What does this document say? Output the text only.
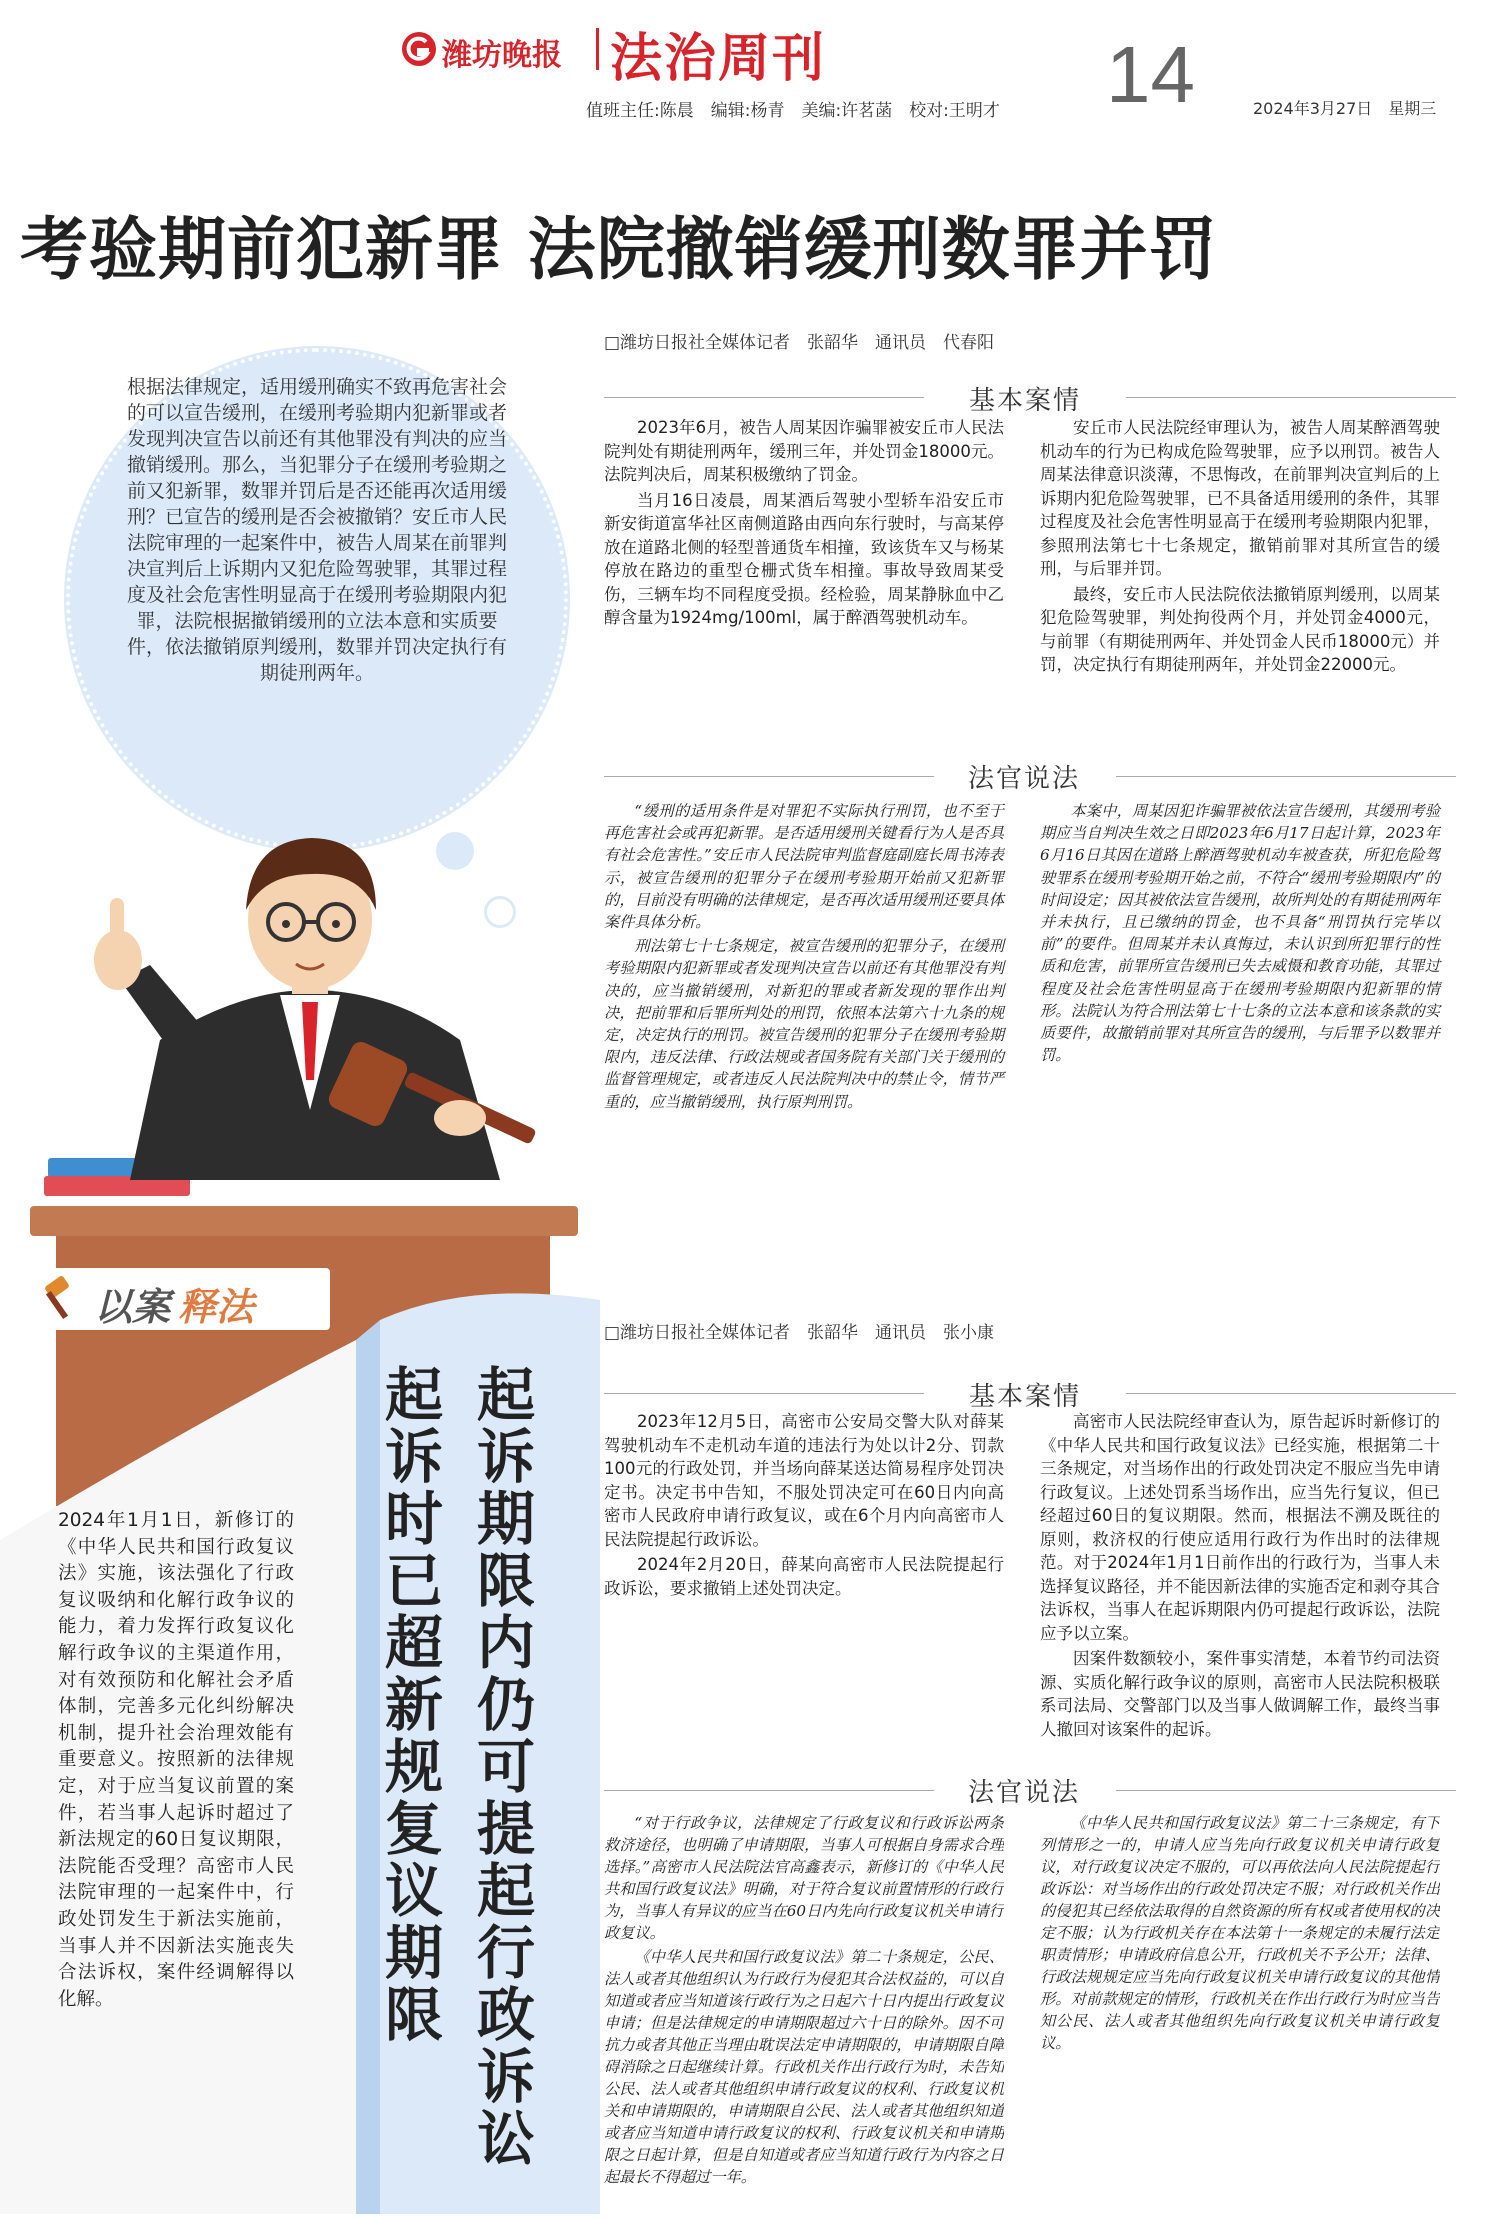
潍坊晚报 法治周刊
值班主任:陈晨　编辑:杨青　美编:许茗菡　校对:王明才 14	2024年3月27日　星期三
考验期前犯新罪 法院撤销缓刑数罪并罚
根据法律规定，适用缓刑确实不致再危害社会的可以宣告缓刑，在缓刑考验期内犯新罪或者发现判决宣告以前还有其他罪没有判决的应当撤销缓刑。那么，当犯罪分子在缓刑考验期之前又犯新罪，数罪并罚后是否还能再次适用缓刑？已宣告的缓刑是否会被撤销？安丘市人民法院审理的一起案件中，被告人周某在前罪判决宣判后上诉期内又犯危险驾驶罪，其罪过程度及社会危害性明显高于在缓刑考验期限内犯罪，法院根据撤销缓刑的立法本意和实质要件，依法撤销原判缓刑，数罪并罚决定执行有期徒刑两年。
以案 释法
起诉期限内仍可提起行政诉讼
起诉时已超新规复议期限
2024年1月1日，新修订的《中华人民共和国行政复议法》实施，该法强化了行政复议吸纳和化解行政争议的能力，着力发挥行政复议化解行政争议的主渠道作用，对有效预防和化解社会矛盾体制，完善多元化纠纷解决机制，提升社会治理效能有重要意义。按照新的法律规定，对于应当复议前置的案件，若当事人起诉时超过了新法规定的60日复议期限，法院能否受理？高密市人民法院审理的一起案件中，行政处罚发生于新法实施前，当事人并不因新法实施丧失合法诉权，案件经调解得以化解。
□潍坊日报社全媒体记者　张韶华　通讯员　代春阳
基本案情

2023年6月，被告人周某因诈骗罪被安丘市人民法院判处有期徒刑两年，缓刑三年，并处罚金18000元。法院判决后，周某积极缴纳了罚金。

当月16日凌晨，周某酒后驾驶小型轿车沿安丘市新安街道富华社区南侧道路由西向东行驶时，与高某停放在道路北侧的轻型普通货车相撞，致该货车又与杨某停放在路边的重型仓栅式货车相撞。事故导致周某受伤，三辆车均不同程度受损。经检验，周某静脉血中乙醇含量为1924mg/100ml，属于醉酒驾驶机动车。

安丘市人民法院经审理认为，被告人周某醉酒驾驶机动车的行为已构成危险驾驶罪，应予以刑罚。被告人周某法律意识淡薄，不思悔改，在前罪判决宣判后的上诉期内犯危险驾驶罪，已不具备适用缓刑的条件，其罪过程度及社会危害性明显高于在缓刑考验期限内犯罪，参照刑法第七十七条规定，撤销前罪对其所宣告的缓刑，与后罪并罚。

最终，安丘市人民法院依法撤销原判缓刑，以周某犯危险驾驶罪，判处拘役两个月，并处罚金4000元，与前罪（有期徒刑两年、并处罚金人民币18000元）并罚，决定执行有期徒刑两年，并处罚金22000元。

法官说法

“缓刑的适用条件是对罪犯不实际执行刑罚，也不至于再危害社会或再犯新罪。是否适用缓刑关键看行为人是否具有社会危害性。”安丘市人民法院审判监督庭副庭长周书涛表示，被宣告缓刑的犯罪分子在缓刑考验期开始前又犯新罪的，目前没有明确的法律规定，是否再次适用缓刑还要具体案件具体分析。

刑法第七十七条规定，被宣告缓刑的犯罪分子，在缓刑考验期限内犯新罪或者发现判决宣告以前还有其他罪没有判决的，应当撤销缓刑，对新犯的罪或者新发现的罪作出判决，把前罪和后罪所判处的刑罚，依照本法第六十九条的规定，决定执行的刑罚。被宣告缓刑的犯罪分子在缓刑考验期限内，违反法律、行政法规或者国务院有关部门关于缓刑的监督管理规定，或者违反人民法院判决中的禁止令，情节严重的，应当撤销缓刑，执行原判刑罚。

本案中，周某因犯诈骗罪被依法宣告缓刑，其缓刑考验期应当自判决生效之日即2023年6月17日起计算，2023年6月16日其因在道路上醉酒驾驶机动车被查获，所犯危险驾驶罪系在缓刑考验期开始之前，不符合“缓刑考验期限内”的时间设定；因其被依法宣告缓刑，故所判处的有期徒刑两年并未执行，且已缴纳的罚金，也不具备“刑罚执行完毕以前”的要件。但周某并未认真悔过，未认识到所犯罪行的性质和危害，前罪所宣告缓刑已失去威慑和教育功能，其罪过程度及社会危害性明显高于在缓刑考验期限内犯新罪的情形。法院认为符合刑法第七十七条的立法本意和该条款的实质要件，故撤销前罪对其所宣告的缓刑，与后罪予以数罪并罚。

□潍坊日报社全媒体记者　张韶华　通讯员　张小康
基本案情

2023年12月5日，高密市公安局交警大队对薛某驾驶机动车不走机动车道的违法行为处以计2分、罚款100元的行政处罚，并当场向薛某送达简易程序处罚决定书。决定书中告知，不服处罚决定可在60日内向高密市人民政府申请行政复议，或在6个月内向高密市人民法院提起行政诉讼。

2024年2月20日，薛某向高密市人民法院提起行政诉讼，要求撤销上述处罚决定。

高密市人民法院经审查认为，原告起诉时新修订的《中华人民共和国行政复议法》已经实施，根据第二十三条规定，对当场作出的行政处罚决定不服应当先申请行政复议。上述处罚系当场作出，应当先行复议，但已经超过60日的复议期限。然而，根据法不溯及既往的原则，救济权的行使应适用行政行为作出时的法律规范。对于2024年1月1日前作出的行政行为，当事人未选择复议路径，并不能因新法律的实施否定和剥夺其合法诉权，当事人在起诉期限内仍可提起行政诉讼，法院应予以立案。

因案件数额较小，案件事实清楚，本着节约司法资源、实质化解行政争议的原则，高密市人民法院积极联系司法局、交警部门以及当事人做调解工作，最终当事人撤回对该案件的起诉。

法官说法

“对于行政争议，法律规定了行政复议和行政诉讼两条救济途径，也明确了申请期限，当事人可根据自身需求合理选择。”高密市人民法院法官高鑫表示，新修订的《中华人民共和国行政复议法》明确，对于符合复议前置情形的行政行为，当事人有异议的应当在60日内先向行政复议机关申请行政复议。

《中华人民共和国行政复议法》第二十条规定，公民、法人或者其他组织认为行政行为侵犯其合法权益的，可以自知道或者应当知道该行政行为之日起六十日内提出行政复议申请；但是法律规定的申请期限超过六十日的除外。因不可抗力或者其他正当理由耽误法定申请期限的，申请期限自障碍消除之日起继续计算。行政机关作出行政行为时，未告知公民、法人或者其他组织申请行政复议的权利、行政复议机关和申请期限的，申请期限自公民、法人或者其他组织知道或者应当知道申请行政复议的权利、行政复议机关和申请期限之日起计算，但是自知道或者应当知道行政行为内容之日起最长不得超过一年。

《中华人民共和国行政复议法》第二十三条规定，有下列情形之一的，申请人应当先向行政复议机关申请行政复议，对行政复议决定不服的，可以再依法向人民法院提起行政诉讼：对当场作出的行政处罚决定不服；对行政机关作出的侵犯其已经依法取得的自然资源的所有权或者使用权的决定不服；认为行政机关存在本法第十一条规定的未履行法定职责情形；申请政府信息公开，行政机关不予公开；法律、行政法规规定应当先向行政复议机关申请行政复议的其他情形。对前款规定的情形，行政机关在作出行政行为时应当告知公民、法人或者其他组织先向行政复议机关申请行政复议。
